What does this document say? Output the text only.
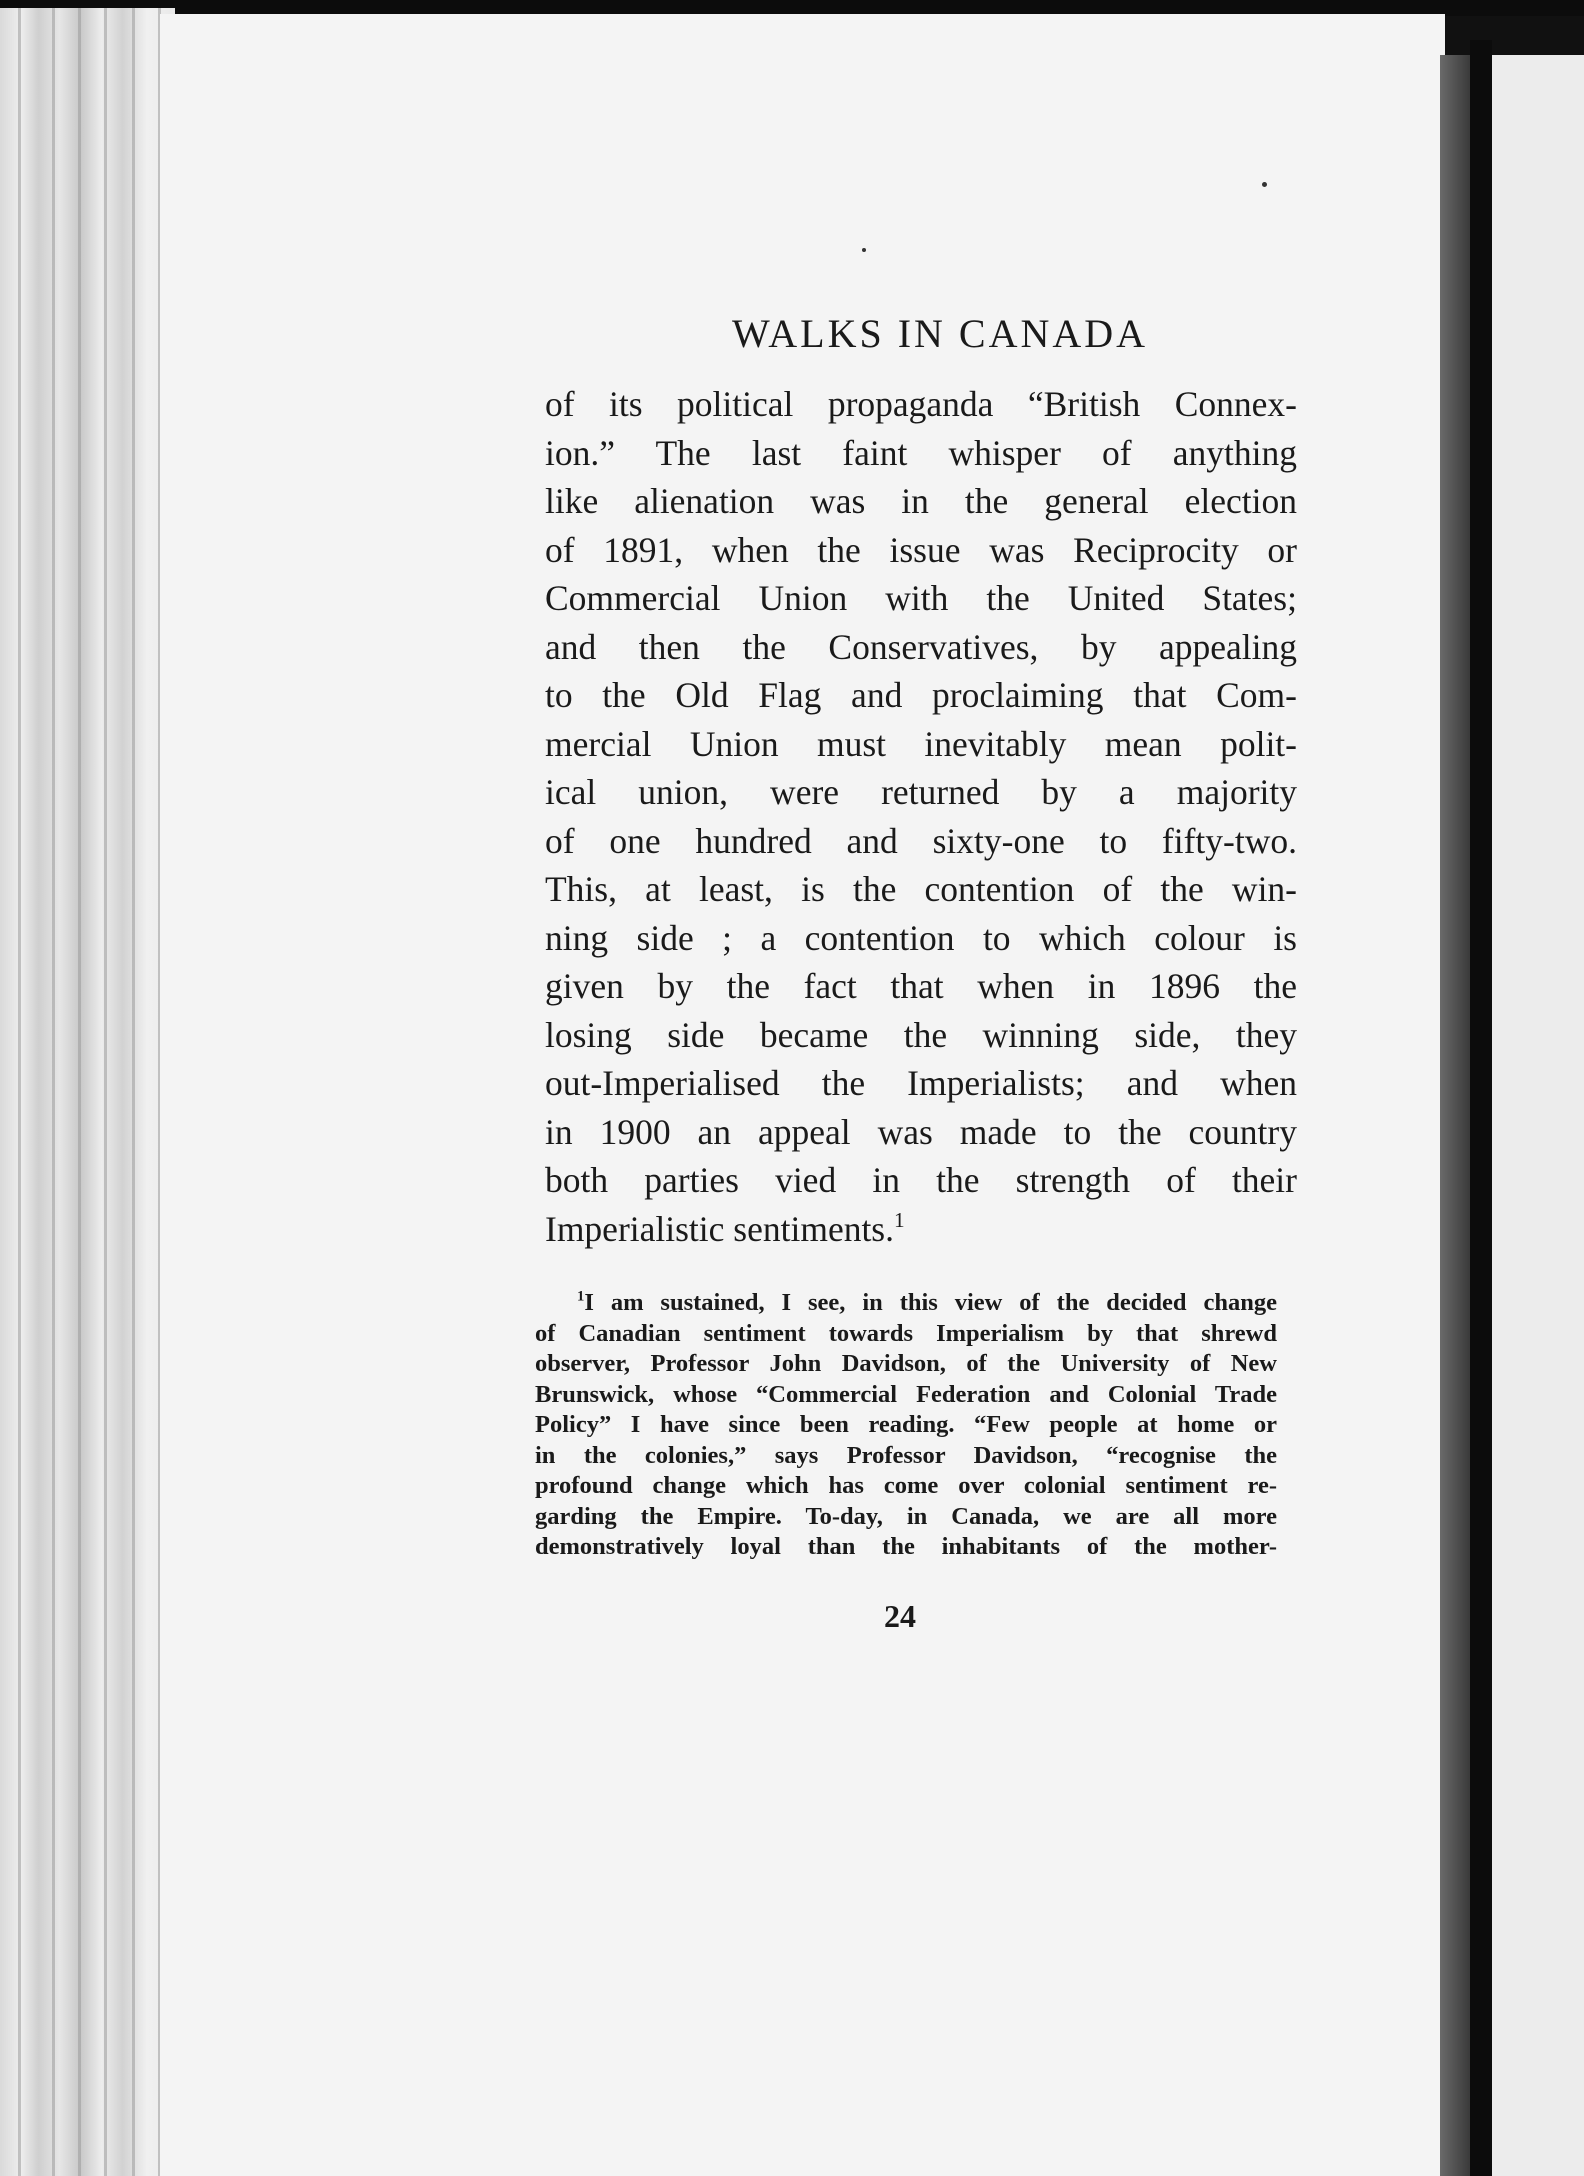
WALKS IN CANADA
of its political propaganda “British Connex-
ion.” The last faint whisper of anything
like alienation was in the general election
of 1891, when the issue was Reciprocity or
Commercial Union with the United States;
and then the Conservatives, by appealing
to the Old Flag and proclaiming that Com-
mercial Union must inevitably mean polit-
ical union, were returned by a majority
of one hundred and sixty-one to fifty-two.
This, at least, is the contention of the win-
ning side ; a contention to which colour is
given by the fact that when in 1896 the
losing side became the winning side, they
out-Imperialised the Imperialists; and when
in 1900 an appeal was made to the country
both parties vied in the strength of their
Imperialistic sentiments.$^1$
$^1$I am sustained, I see, in this view of the decided change
of Canadian sentiment towards Imperialism by that shrewd
observer, Professor John Davidson, of the University of New
Brunswick, whose “Commercial Federation and Colonial Trade
Policy” I have since been reading. “Few people at home or
in the colonies,” says Professor Davidson, “recognise the
profound change which has come over colonial sentiment re-
garding the Empire. To-day, in Canada, we are all more
demonstratively loyal than the inhabitants of the mother-
24
